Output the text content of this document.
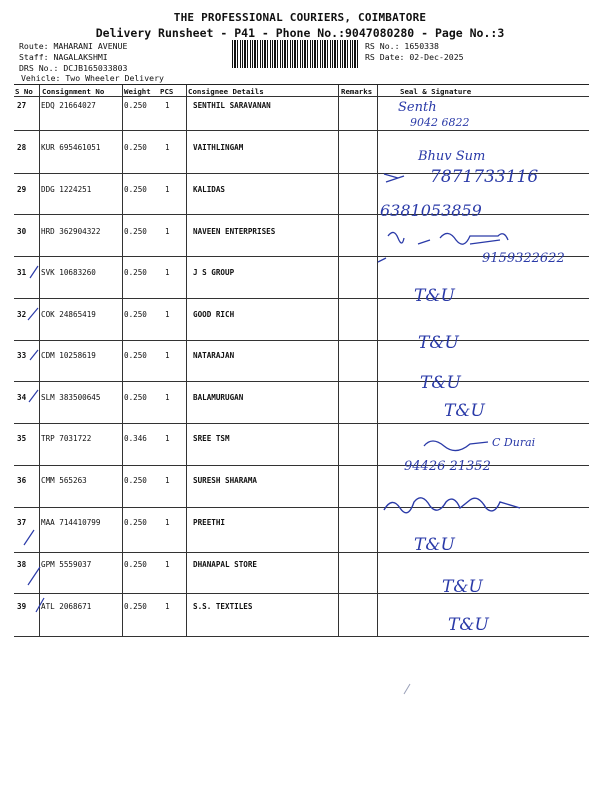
THE PROFESSIONAL COURIERS, COIMBATORE
Delivery Runsheet - P41 - Phone No.:9047080280 - Page No.:3
Route: MAHARANI AVENUE
Staff: NAGALAKSHMI
DRS No.: DCJB165033803
Vehicle: Two Wheeler Delivery
RS No.: 1650338
RS Date: 02-Dec-2025
S No Consignment No	Weight PCS Consignee Details	Remarks	Seal & Signature
27 EDQ 21664027	0.250 1	SENTHIL SARAVANAN
28 KUR 695461051	0.250 1	VAITHLINGAM
29 DDG 1224251	0.250 1	KALIDAS
30 HRD 362904322	0.250 1	NAVEEN ENTERPRISES
31 SVK 10683260	0.250 1	J S GROUP
32 COK 24865419	0.250 1	GOOD RICH
33 CDM 10258619	0.250 1	NATARAJAN
34 SLM 383500645	0.250 1	BALAMURUGAN
35 TRP 7031722	0.346 1	SREE TSM
36 CMM 565263	0.250 1	SURESH SHARAMA
37 MAA 714410799	0.250 1	PREETHI
38 GPM 5559037	0.250 1	DHANAPAL STORE
39 ATL 2068671	0.250 1	S.S. TEXTILES
Senth
9042 6822
Bhuv Sum
7871733116
6381053859
9159322622
T&U
T&U
T&U
T&U
C Durai
94426 21352
T&U
T&U
T&U
